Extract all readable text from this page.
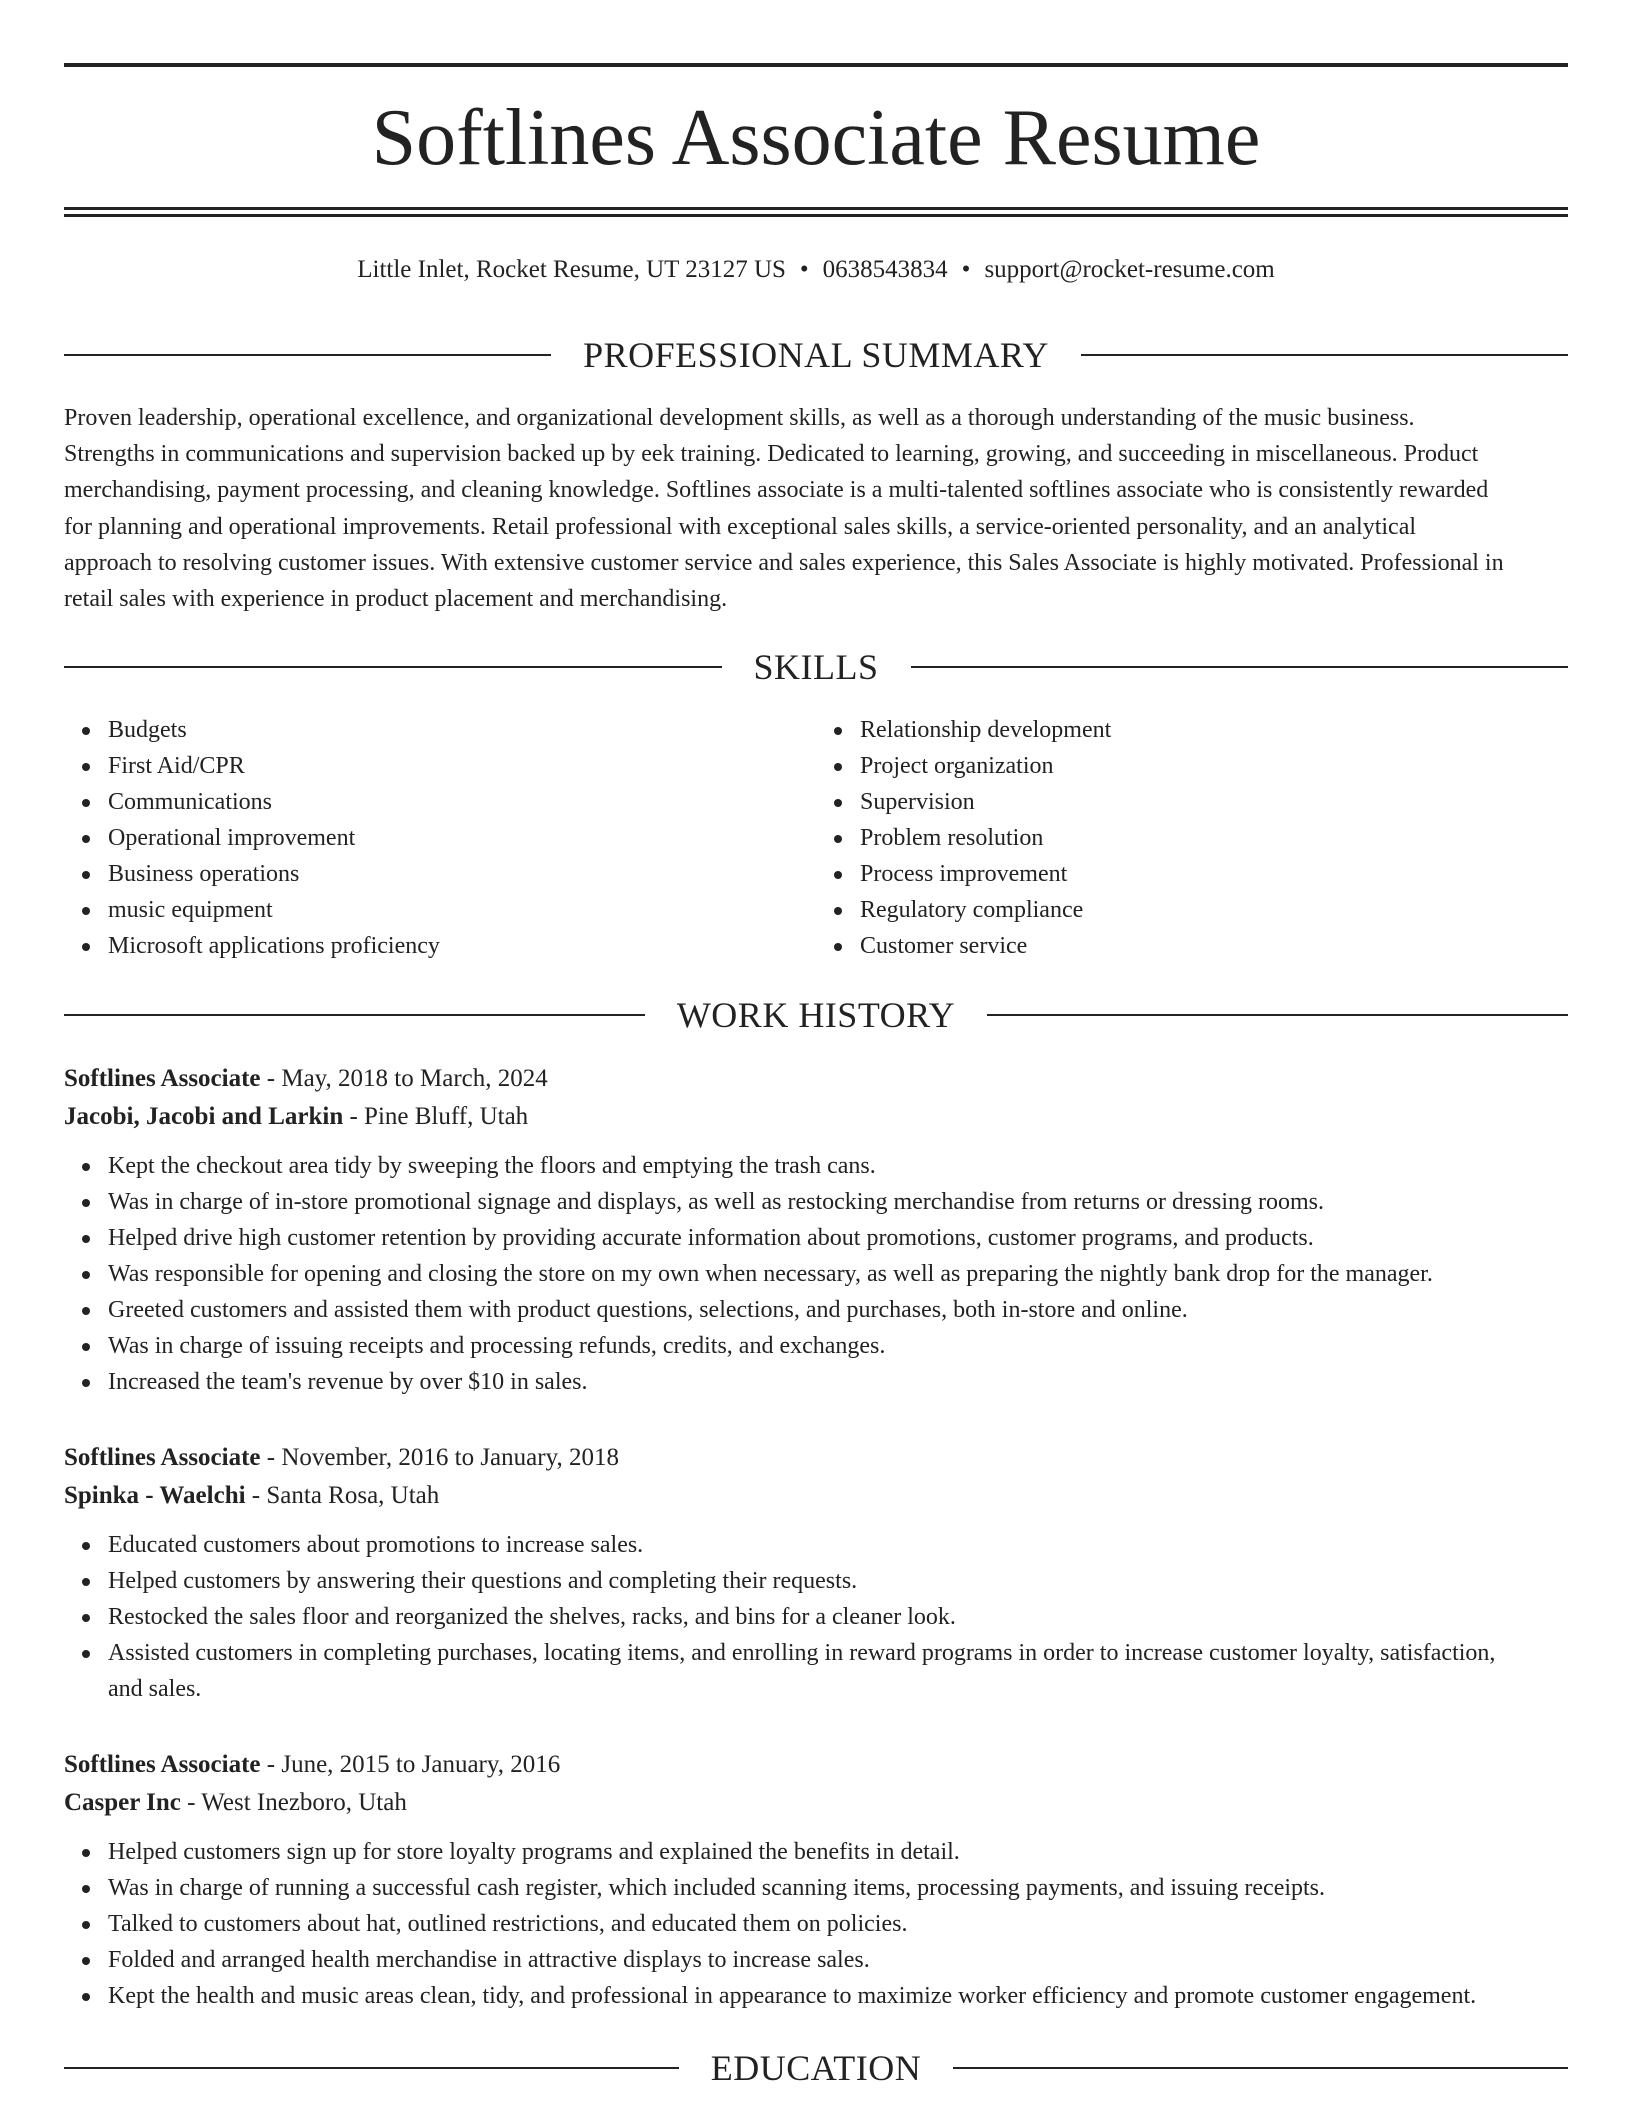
Softlines Associate Resume
Little Inlet, Rocket Resume, UT 23127 US • 0638543834 • support@rocket-resume.com
PROFESSIONAL SUMMARY
Proven leadership, operational excellence, and organizational development skills, as well as a thorough understanding of the music business.
Strengths in communications and supervision backed up by eek training. Dedicated to learning, growing, and succeeding in miscellaneous. Product
merchandising, payment processing, and cleaning knowledge. Softlines associate is a multi-talented softlines associate who is consistently rewarded
for planning and operational improvements. Retail professional with exceptional sales skills, a service-oriented personality, and an analytical
approach to resolving customer issues. With extensive customer service and sales experience, this Sales Associate is highly motivated. Professional in
retail sales with experience in product placement and merchandising.
SKILLS
Budgets
First Aid/CPR
Communications
Operational improvement
Business operations
music equipment
Microsoft applications proficiency
Relationship development
Project organization
Supervision
Problem resolution
Process improvement
Regulatory compliance
Customer service
WORK HISTORY

Softlines Associate - May, 2018 to March, 2024

Jacobi, Jacobi and Larkin - Pine Bluff, Utah

Kept the checkout area tidy by sweeping the floors and emptying the trash cans.
Was in charge of in-store promotional signage and displays, as well as restocking merchandise from returns or dressing rooms.
Helped drive high customer retention by providing accurate information about promotions, customer programs, and products.
Was responsible for opening and closing the store on my own when necessary, as well as preparing the nightly bank drop for the manager.
Greeted customers and assisted them with product questions, selections, and purchases, both in-store and online.
Was in charge of issuing receipts and processing refunds, credits, and exchanges.
Increased the team's revenue by over $10 in sales.

Softlines Associate - November, 2016 to January, 2018

Spinka - Waelchi - Santa Rosa, Utah

Educated customers about promotions to increase sales.
Helped customers by answering their questions and completing their requests.
Restocked the sales floor and reorganized the shelves, racks, and bins for a cleaner look.
Assisted customers in completing purchases, locating items, and enrolling in reward programs in order to increase customer loyalty, satisfaction,
and sales.

Softlines Associate - June, 2015 to January, 2016

Casper Inc - West Inezboro, Utah

Helped customers sign up for store loyalty programs and explained the benefits in detail.
Was in charge of running a successful cash register, which included scanning items, processing payments, and issuing receipts.
Talked to customers about hat, outlined restrictions, and educated them on policies.
Folded and arranged health merchandise in attractive displays to increase sales.
Kept the health and music areas clean, tidy, and professional in appearance to maximize worker efficiency and promote customer engagement.
EDUCATION
